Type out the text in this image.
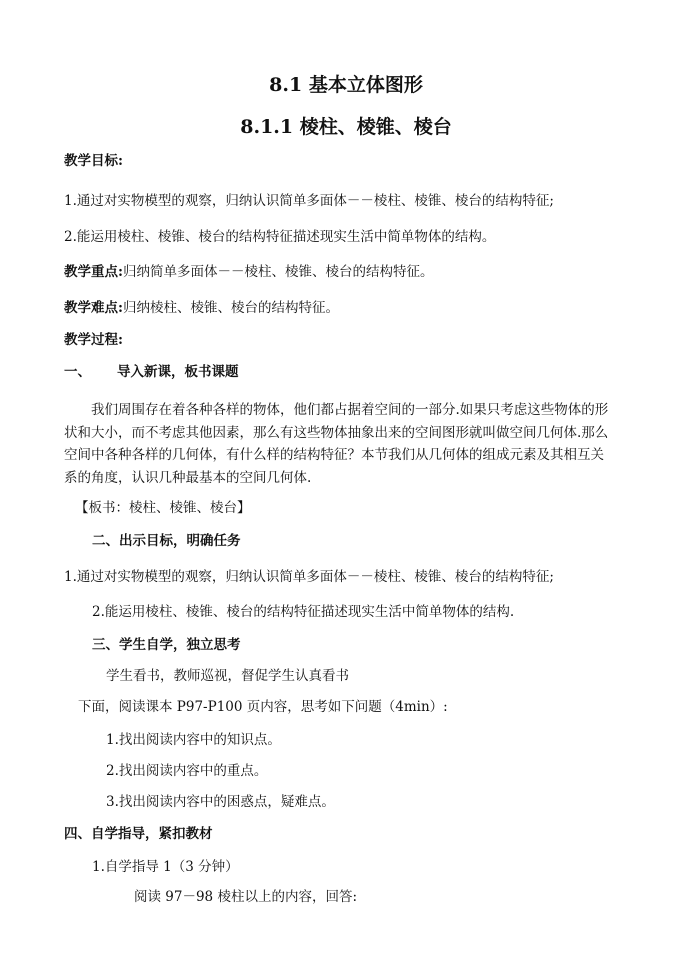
8.1 基本立体图形
8.1.1 棱柱、棱锥、棱台
教学目标:
1.通过对实物模型的观察，归纳认识简单多面体－－棱柱、棱锥、棱台的结构特征;
2.能运用棱柱、棱锥、棱台的结构特征描述现实生活中简单物体的结构。
教学重点:归纳简单多面体－－棱柱、棱锥、棱台的结构特征。
教学难点:归纳棱柱、棱锥、棱台的结构特征。
教学过程:
一、 导入新课，板书课题
我们周围存在着各种各样的物体，他们都占据着空间的一部分.如果只考虑这些物体的形
状和大小，而不考虑其他因素，那么有这些物体抽象出来的空间图形就叫做空间几何体.那么
空间中各种各样的几何体，有什么样的结构特征？本节我们从几何体的组成元素及其相互关
系的角度，认识几种最基本的空间几何体.
【板书：棱柱、棱锥、棱台】
二、出示目标，明确任务
1.通过对实物模型的观察，归纳认识简单多面体－－棱柱、棱锥、棱台的结构特征;
2.能运用棱柱、棱锥、棱台的结构特征描述现实生活中简单物体的结构.
三、学生自学，独立思考
学生看书，教师巡视，督促学生认真看书
下面，阅读课本 P97-P100 页内容，思考如下问题（4min）:
1.找出阅读内容中的知识点。
2.找出阅读内容中的重点。
3.找出阅读内容中的困惑点，疑难点。
四、自学指导，紧扣教材
1.自学指导 1（3 分钟）
阅读 97－98 棱柱以上的内容，回答:
